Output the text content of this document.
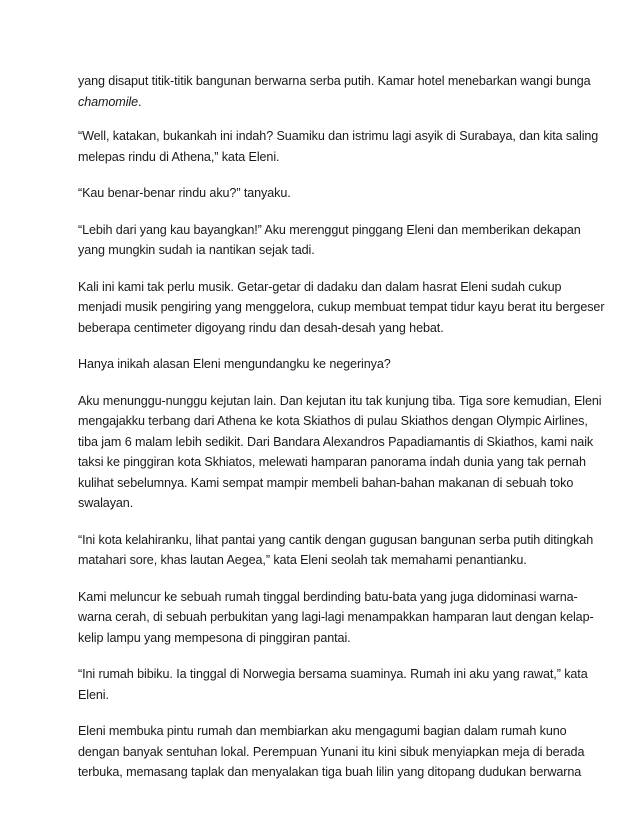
yang disaput titik-titik bangunan berwarna serba putih. Kamar hotel menebarkan wangi bunga
chamomile.

“Well, katakan, bukankah ini indah? Suamiku dan istrimu lagi asyik di Surabaya, dan kita saling
melepas rindu di Athena,” kata Eleni.

“Kau benar-benar rindu aku?” tanyaku.

“Lebih dari yang kau bayangkan!” Aku merenggut pinggang Eleni dan memberikan dekapan
yang mungkin sudah ia nantikan sejak tadi.

Kali ini kami tak perlu musik. Getar-getar di dadaku dan dalam hasrat Eleni sudah cukup
menjadi musik pengiring yang menggelora, cukup membuat tempat tidur kayu berat itu bergeser
beberapa centimeter digoyang rindu dan desah-desah yang hebat.

Hanya inikah alasan Eleni mengundangku ke negerinya?

Aku menunggu-nunggu kejutan lain. Dan kejutan itu tak kunjung tiba. Tiga sore kemudian, Eleni
mengajakku terbang dari Athena ke kota Skiathos di pulau Skiathos dengan Olympic Airlines,
tiba jam 6 malam lebih sedikit. Dari Bandara Alexandros Papadiamantis di Skiathos, kami naik
taksi ke pinggiran kota Skhiatos, melewati hamparan panorama indah dunia yang tak pernah
kulihat sebelumnya. Kami sempat mampir membeli bahan-bahan makanan di sebuah toko
swalayan.

“Ini kota kelahiranku, lihat pantai yang cantik dengan gugusan bangunan serba putih ditingkah
matahari sore, khas lautan Aegea,” kata Eleni seolah tak memahami penantianku.

Kami meluncur ke sebuah rumah tinggal berdinding batu-bata yang juga didominasi warna-
warna cerah, di sebuah perbukitan yang lagi-lagi menampakkan hamparan laut dengan kelap-
kelip lampu yang mempesona di pinggiran pantai.

“Ini rumah bibiku. Ia tinggal di Norwegia bersama suaminya. Rumah ini aku yang rawat,” kata
Eleni.

Eleni membuka pintu rumah dan membiarkan aku mengagumi bagian dalam rumah kuno
dengan banyak sentuhan lokal. Perempuan Yunani itu kini sibuk menyiapkan meja di berada
terbuka, memasang taplak dan menyalakan tiga buah lilin yang ditopang dudukan berwarna
